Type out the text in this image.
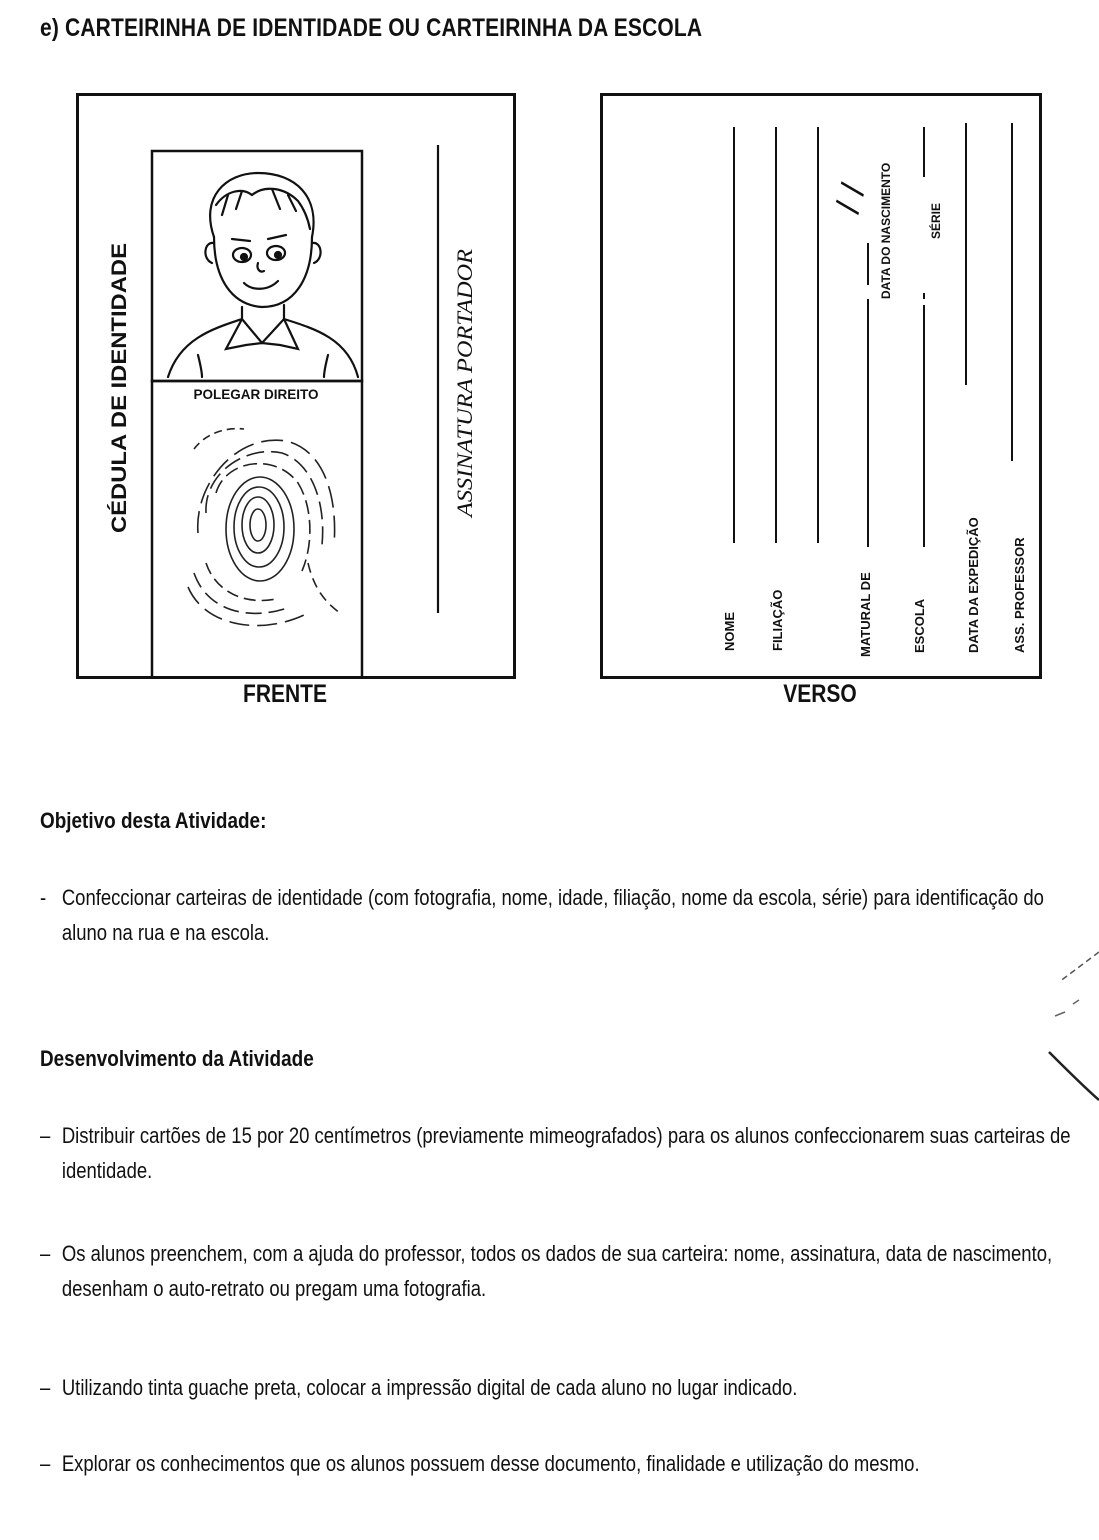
e) CARTEIRINHA DE IDENTIDADE OU CARTEIRINHA DA ESCOLA
CÉDULA DE IDENTIDADE	POLEGAR DIREITO	ASSINATURA PORTADOR
FRENTE
/ /
NOME	FILIAÇÃO	MATURAL DE	ESCOLA	DATA DA EXPEDIÇÃO ASS. PROFESSOR
DATA DO NASCIMENTO	SÉRIE
VERSO
Objetivo desta Atividade:
- Confeccionar carteiras de identidade (com fotografia, nome, idade, filiação, nome da escola, série) para identificação do aluno na rua e na escola.
Desenvolvimento da Atividade
– Distribuir cartões de 15 por 20 centímetros (previamente mimeografados) para os alunos confeccionarem suas carteiras de identidade.
– Os alunos preenchem, com a ajuda do professor, todos os dados de sua carteira: nome, assinatura, data de nascimento, desenham o auto-retrato ou pregam uma fotografia.
– Utilizando tinta guache preta, colocar a impressão digital de cada aluno no lugar indicado.
– Explorar os conhecimentos que os alunos possuem desse documento, finalidade e utilização do mesmo.
